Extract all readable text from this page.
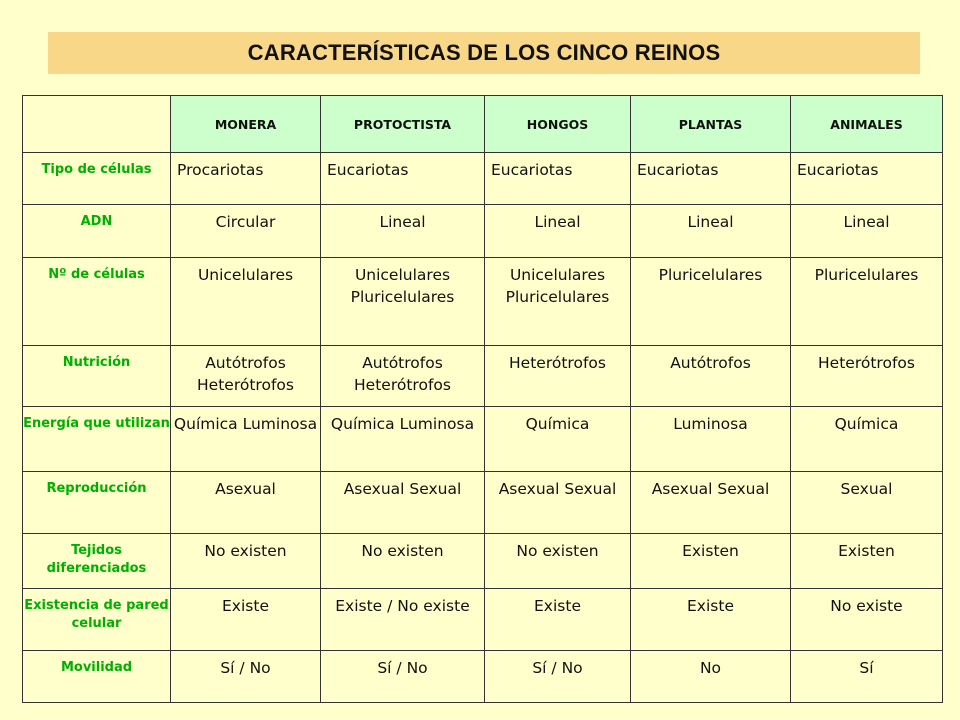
CARACTERÍSTICAS DE LOS CINCO REINOS
	MONERA	PROTOCTISTA	HONGOS	PLANTAS	ANIMALES
Tipo de células	Procariotas	Eucariotas	Eucariotas	Eucariotas	Eucariotas
ADN	Circular	Lineal	Lineal	Lineal	Lineal
Nº de células	Unicelulares	Unicelulares Pluricelulares	Unicelulares Pluricelulares	Pluricelulares	Pluricelulares
Nutrición	Autótrofos Heterótrofos	Autótrofos Heterótrofos	Heterótrofos	Autótrofos	Heterótrofos
Energía que utilizan	Química Luminosa	Química Luminosa	Química	Luminosa	Química
Reproducción	Asexual	Asexual Sexual	Asexual Sexual	Asexual Sexual	Sexual
Tejidos diferenciados	No existen	No existen	No existen	Existen	Existen
Existencia de pared celular	Existe	Existe / No existe	Existe	Existe	No existe
Movilidad	Sí / No	Sí / No	Sí / No	No	Sí
